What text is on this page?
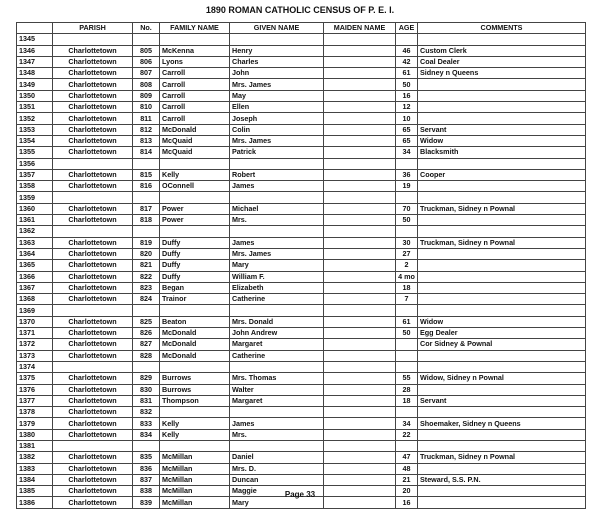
1890 ROMAN CATHOLIC CENSUS OF P. E. I.
	PARISH	No.	FAMILY NAME	GIVEN NAME	MAIDEN NAME	AGE	COMMENTS
1345							
1346	Charlottetown	805	McKenna	Henry		46	Custom Clerk
1347	Charlottetown	806	Lyons	Charles		42	Coal Dealer
1348	Charlottetown	807	Carroll	John		61	Sidney n Queens
1349	Charlottetown	808	Carroll	Mrs. James		50	
1350	Charlottetown	809	Carroll	May		16	
1351	Charlottetown	810	Carroll	Ellen		12	
1352	Charlottetown	811	Carroll	Joseph		10	
1353	Charlottetown	812	McDonald	Colin		65	Servant
1354	Charlottetown	813	McQuaid	Mrs. James		65	Widow
1355	Charlottetown	814	McQuaid	Patrick		34	Blacksmith
1356							
1357	Charlottetown	815	Kelly	Robert		36	Cooper
1358	Charlottetown	816	OConnell	James		19	
1359							
1360	Charlottetown	817	Power	Michael		70	Truckman, Sidney n Pownal
1361	Charlottetown	818	Power	Mrs.		50	
1362							
1363	Charlottetown	819	Duffy	James		30	Truckman, Sidney n Pownal
1364	Charlottetown	820	Duffy	Mrs. James		27	
1365	Charlottetown	821	Duffy	Mary		2	
1366	Charlottetown	822	Duffy	William F.		4 mo	
1367	Charlottetown	823	Began	Elizabeth		18	
1368	Charlottetown	824	Trainor	Catherine		7	
1369							
1370	Charlottetown	825	Beaton	Mrs. Donald		61	Widow
1371	Charlottetown	826	McDonald	John Andrew		50	Egg Dealer
1372	Charlottetown	827	McDonald	Margaret			Cor Sidney & Pownal
1373	Charlottetown	828	McDonald	Catherine			
1374							
1375	Charlottetown	829	Burrows	Mrs. Thomas		55	Widow, Sidney n Pownal
1376	Charlottetown	830	Burrows	Walter		28	
1377	Charlottetown	831	Thompson	Margaret		18	Servant
1378	Charlottetown	832					
1379	Charlottetown	833	Kelly	James		34	Shoemaker, Sidney n Queens
1380	Charlottetown	834	Kelly	Mrs.		22	
1381							
1382	Charlottetown	835	McMillan	Daniel		47	Truckman, Sidney n Pownal
1383	Charlottetown	836	McMillan	Mrs. D.		48	
1384	Charlottetown	837	McMillan	Duncan		21	Steward, S.S. P.N.
1385	Charlottetown	838	McMillan	Maggie		20	
1386	Charlottetown	839	McMillan	Mary		16	
Page 33
